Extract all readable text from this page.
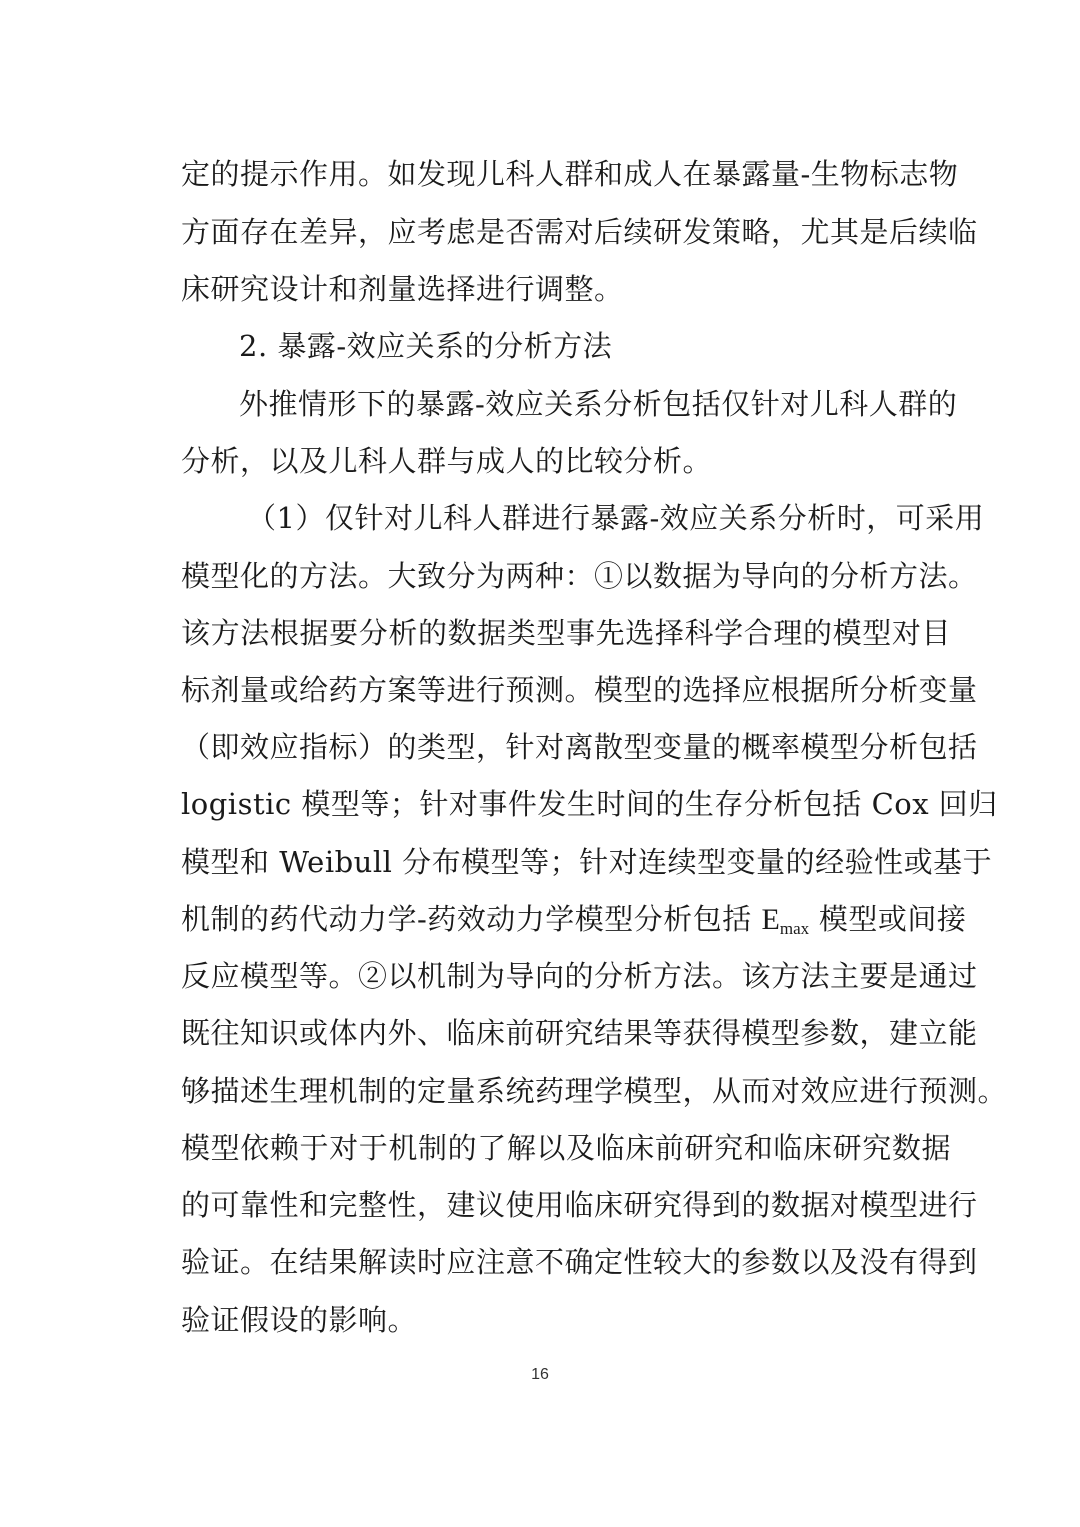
定的提示作用。如发现儿科人群和成人在暴露量-生物标志物
方面存在差异，应考虑是否需对后续研发策略，尤其是后续临
床研究设计和剂量选择进行调整。
2. 暴露-效应关系的分析方法
外推情形下的暴露-效应关系分析包括仅针对儿科人群的
分析，以及儿科人群与成人的比较分析。
（1）仅针对儿科人群进行暴露-效应关系分析时，可采用
模型化的方法。大致分为两种：①以数据为导向的分析方法。
该方法根据要分析的数据类型事先选择科学合理的模型对目
标剂量或给药方案等进行预测。模型的选择应根据所分析变量
（即效应指标）的类型，针对离散型变量的概率模型分析包括
logistic 模型等；针对事件发生时间的生存分析包括 Cox 回归
模型和 Weibull 分布模型等；针对连续型变量的经验性或基于
机制的药代动力学-药效动力学模型分析包括 $E_{max}$ 模型或间接
反应模型等。②以机制为导向的分析方法。该方法主要是通过
既往知识或体内外、临床前研究结果等获得模型参数，建立能
够描述生理机制的定量系统药理学模型，从而对效应进行预测。
模型依赖于对于机制的了解以及临床前研究和临床研究数据
的可靠性和完整性，建议使用临床研究得到的数据对模型进行
验证。在结果解读时应注意不确定性较大的参数以及没有得到
验证假设的影响。
16
